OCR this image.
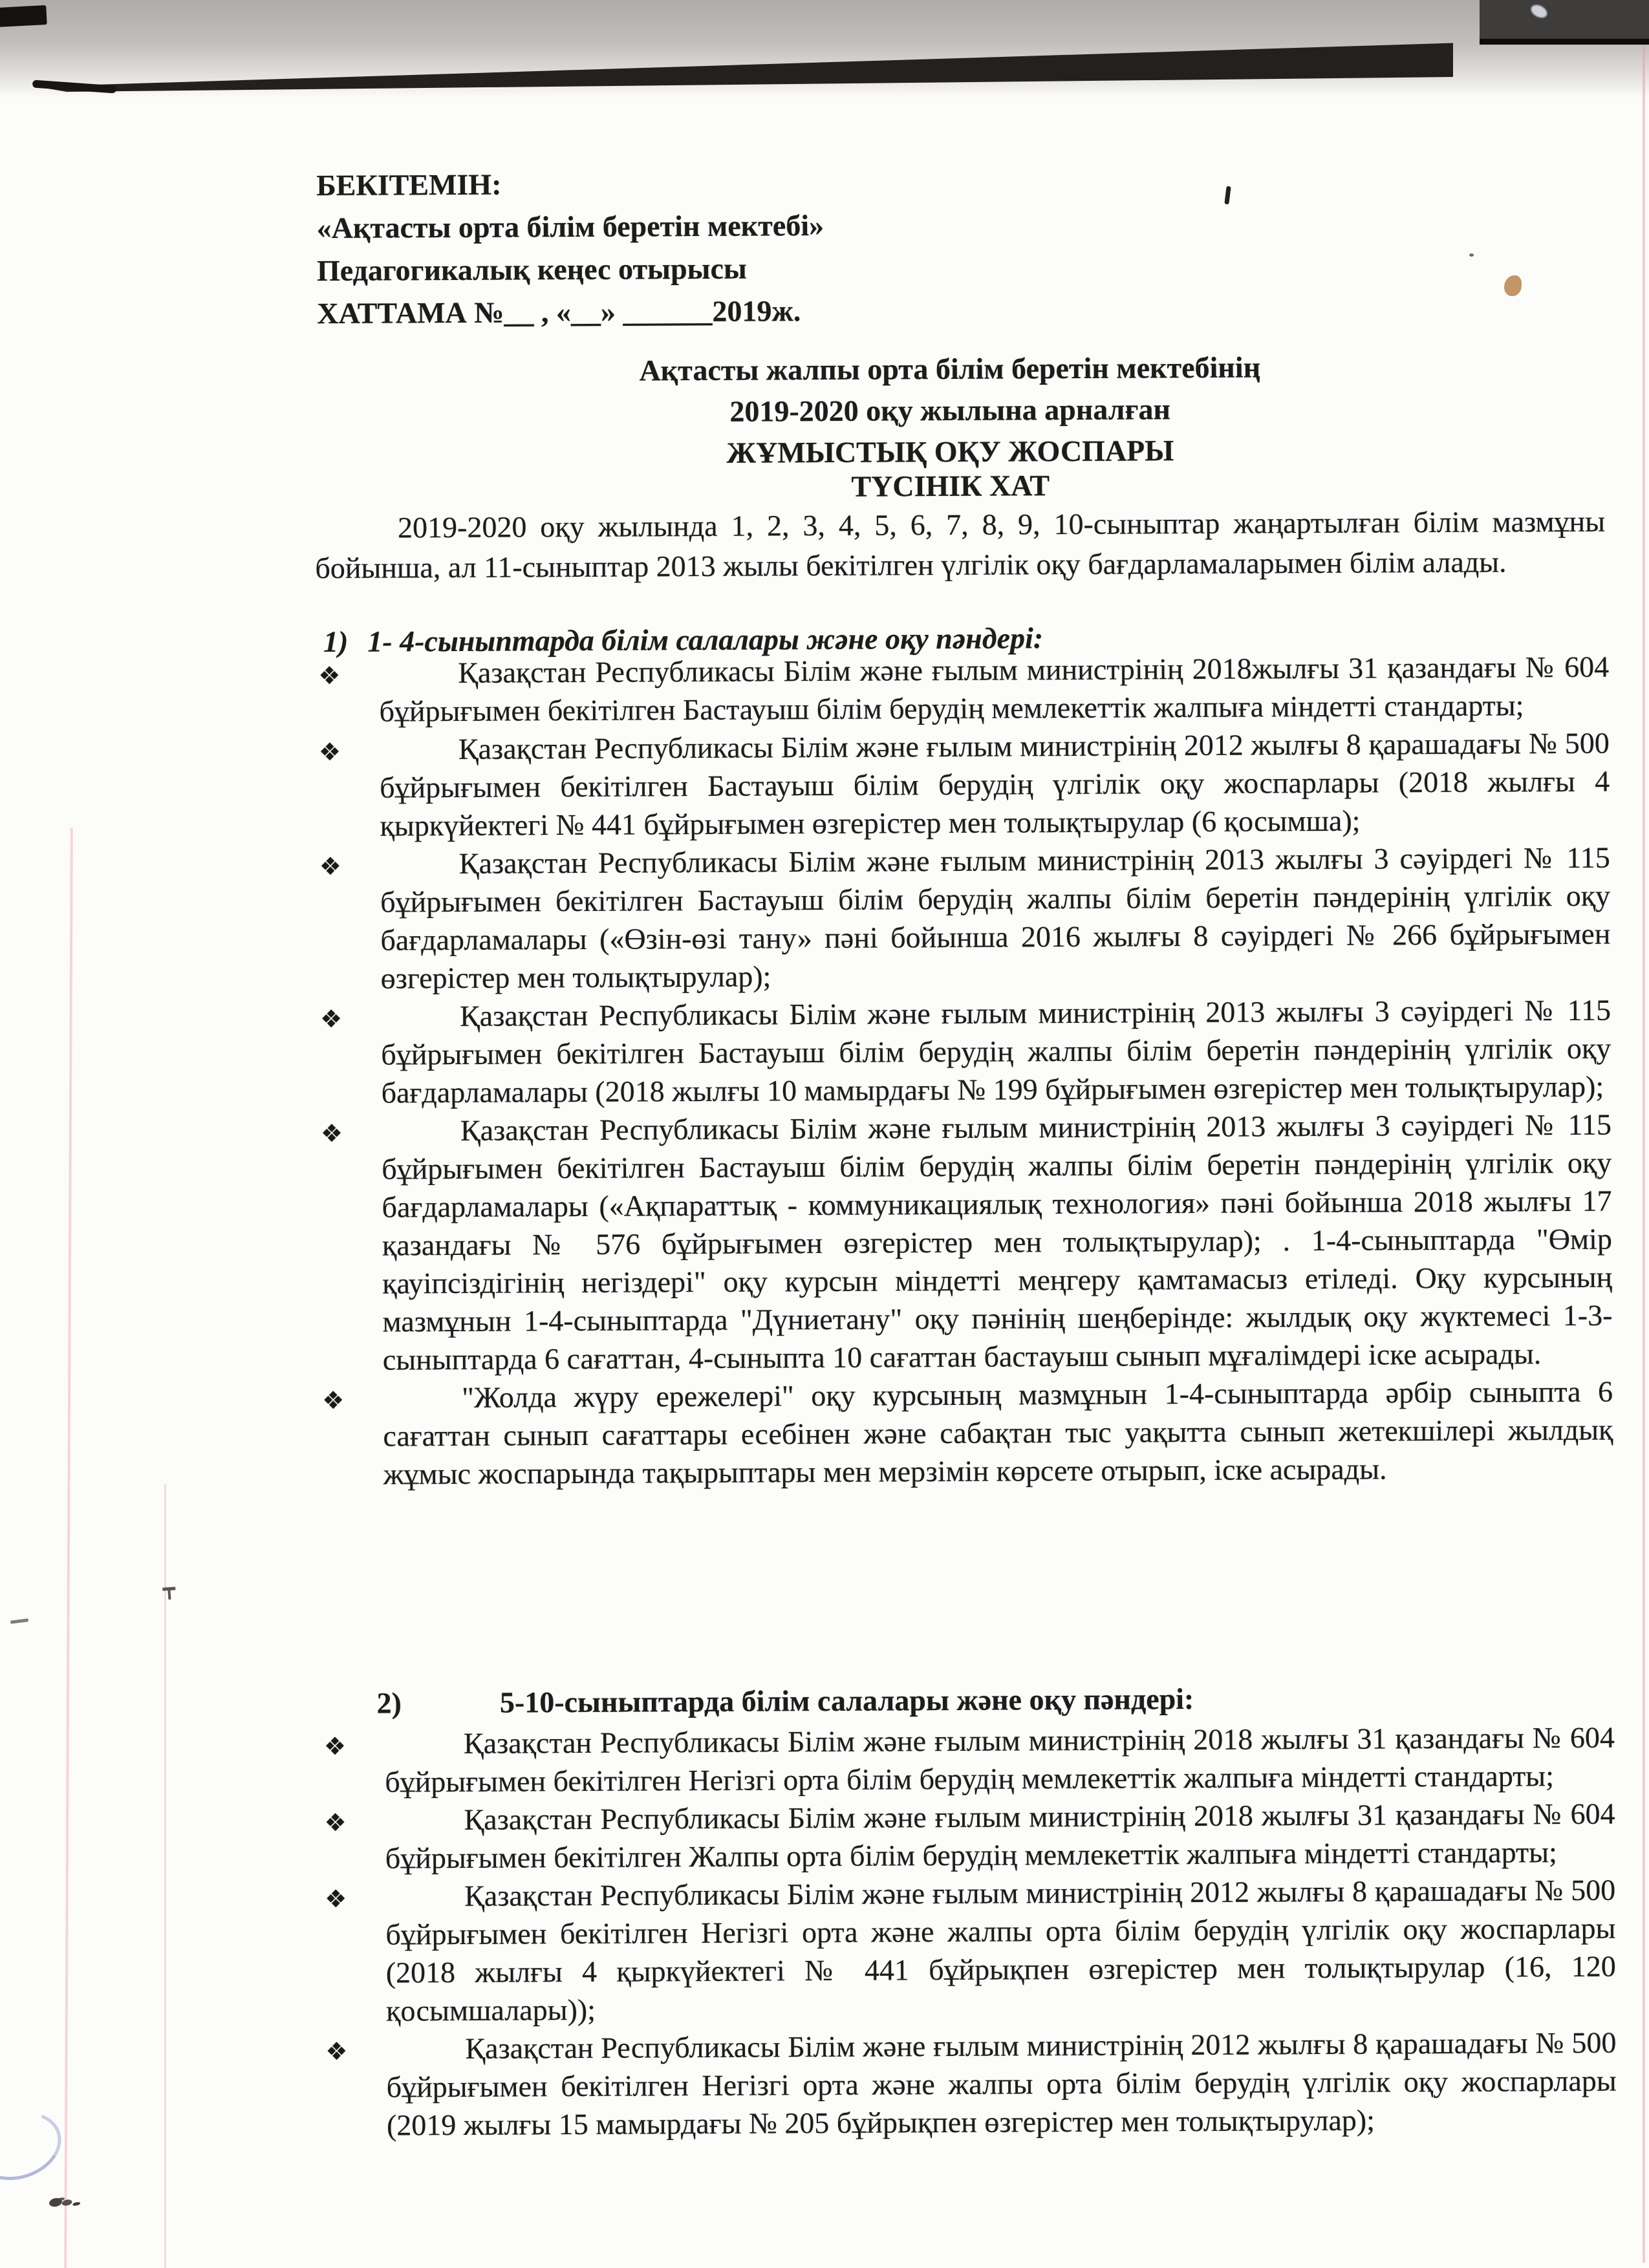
БЕКІТЕМІН:
«Ақтасты орта білім беретін мектебі»
Педагогикалық кеңес отырысы
ХАТТАМА №__ , «__» ______2019ж.
Ақтасты жалпы орта білім беретін мектебінің
2019-2020 оқу жылына арналған
ЖҰМЫСТЫҚ ОҚУ ЖОСПАРЫ
ТҮСІНІК ХАТ

2019-2020 оқу жылында 1, 2, 3, 4, 5, 6, 7, 8, 9, 10-сыныптар жаңартылған білім мазмұны бойынша, ал 11-сыныптар 2013 жылы бекітілген үлгілік оқу бағдарламаларымен білім алады.

1) 1- 4-сыныптарда білім салалары және оқу пәндері:
❖	Қазақстан Республикасы Білім және ғылым министрінің 2018жылғы 31 қазандағы № 604 бұйрығымен бекітілген Бастауыш білім берудің мемлекеттік жалпыға міндетті стандарты;
❖	Қазақстан Республикасы Білім және ғылым министрінің 2012 жылғы 8 қарашадағы № 500 бұйрығымен бекітілген Бастауыш білім берудің үлгілік оқу жоспарлары (2018 жылғы 4 қыркүйектегі № 441 бұйрығымен өзгерістер мен толықтырулар (6 қосымша);
❖	Қазақстан Республикасы Білім және ғылым министрінің 2013 жылғы 3 сәуірдегі № 115 бұйрығымен бекітілген Бастауыш білім берудің жалпы білім беретін пәндерінің үлгілік оқу бағдарламалары («Өзін-өзі тану» пәні бойынша 2016 жылғы 8 сәуірдегі № 266 бұйрығымен өзгерістер мен толықтырулар);
❖	Қазақстан Республикасы Білім және ғылым министрінің 2013 жылғы 3 сәуірдегі № 115 бұйрығымен бекітілген Бастауыш білім берудің жалпы білім беретін пәндерінің үлгілік оқу бағдарламалары (2018 жылғы 10 мамырдағы № 199 бұйрығымен өзгерістер мен толықтырулар);
❖	Қазақстан Республикасы Білім және ғылым министрінің 2013 жылғы 3 сәуірдегі № 115 бұйрығымен бекітілген Бастауыш білім берудің жалпы білім беретін пәндерінің үлгілік оқу бағдарламалары («Ақпараттық - коммуникациялық технология» пәні бойынша 2018 жылғы 17 қазандағы № 576 бұйрығымен өзгерістер мен толықтырулар); . 1-4-сыныптарда "Өмір қауіпсіздігінің негіздері" оқу курсын міндетті меңгеру қамтамасыз етіледі. Оқу курсының мазмұнын 1-4-сыныптарда "Дүниетану" оқу пәнінің шеңберінде: жылдық оқу жүктемесі 1-3-сыныптарда 6 сағаттан, 4-сыныпта 10 сағаттан бастауыш сынып мұғалімдері іске асырады.
❖	"Жолда жүру ережелері" оқу курсының мазмұнын 1-4-сыныптарда әрбір сыныпта 6 сағаттан сынып сағаттары есебінен және сабақтан тыс уақытта сынып жетекшілері жылдық жұмыс жоспарында тақырыптары мен мерзімін көрсете отырып, іске асырады.
2)	5-10-сыныптарда білім салалары және оқу пәндері:
❖	Қазақстан Республикасы Білім және ғылым министрінің 2018 жылғы 31 қазандағы № 604 бұйрығымен бекітілген Негізгі орта білім берудің мемлекеттік жалпыға міндетті стандарты;
❖	Қазақстан Республикасы Білім және ғылым министрінің 2018 жылғы 31 қазандағы № 604 бұйрығымен бекітілген Жалпы орта білім берудің мемлекеттік жалпыға міндетті стандарты;
❖	Қазақстан Республикасы Білім және ғылым министрінің 2012 жылғы 8 қарашадағы № 500 бұйрығымен бекітілген Негізгі орта және жалпы орта білім берудің үлгілік оқу жоспарлары (2018 жылғы 4 қыркүйектегі № 441 бұйрықпен өзгерістер мен толықтырулар (16, 120 қосымшалары));
❖	Қазақстан Республикасы Білім және ғылым министрінің 2012 жылғы 8 қарашадағы № 500 бұйрығымен бекітілген Негізгі орта және жалпы орта білім берудің үлгілік оқу жоспарлары (2019 жылғы 15 мамырдағы № 205 бұйрықпен өзгерістер мен толықтырулар);
